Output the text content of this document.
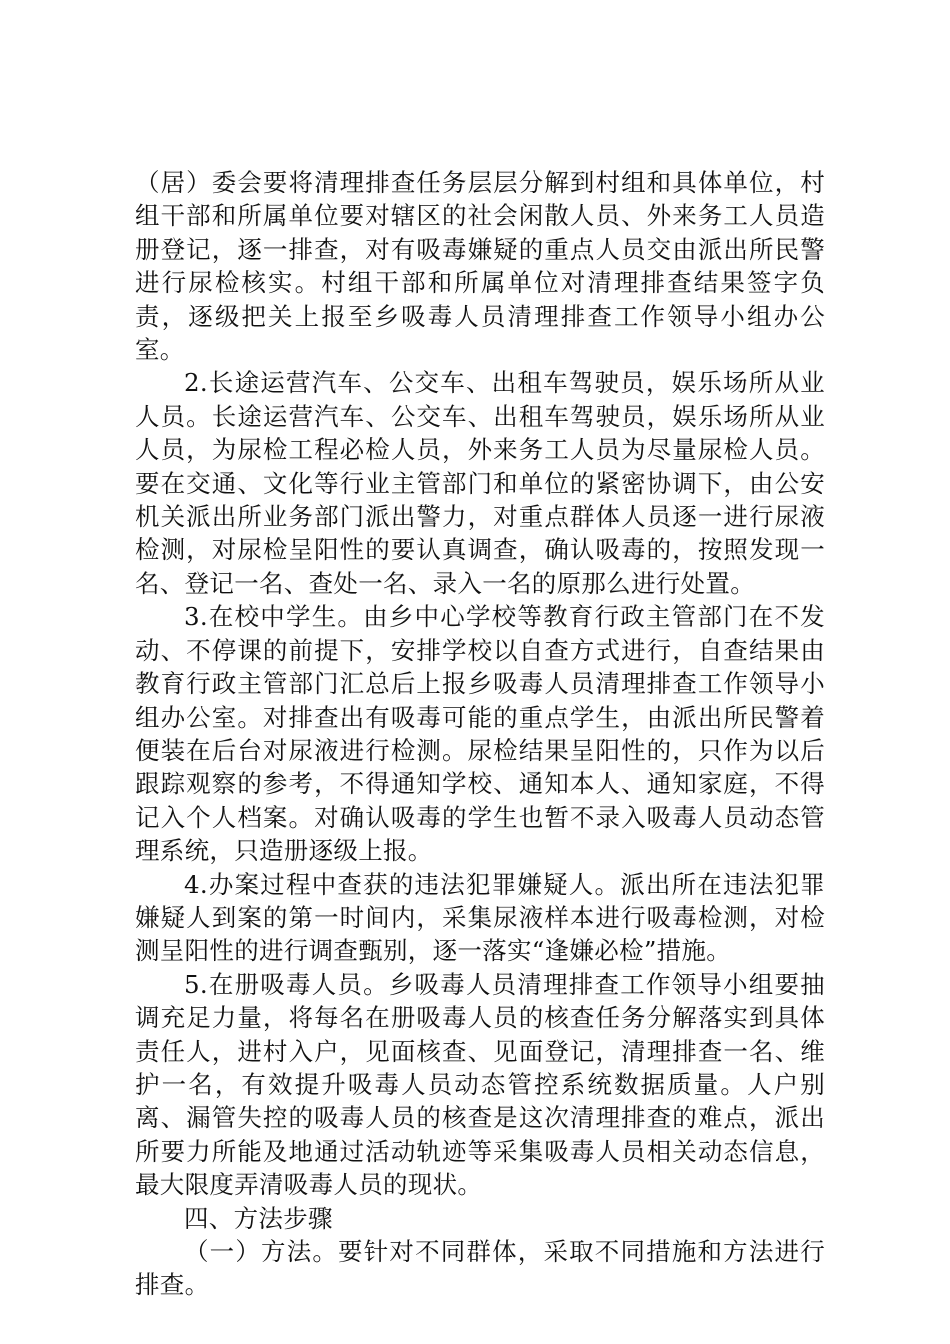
（居）委会要将清理排查任务层层分解到村组和具体单位，村组干部和所属单位要对辖区的社会闲散人员、外来务工人员造册登记，逐一排查，对有吸毒嫌疑的重点人员交由派出所民警进行尿检核实。村组干部和所属单位对清理排查结果签字负责，逐级把关上报至乡吸毒人员清理排查工作领导小组办公室。

2.长途运营汽车、公交车、出租车驾驶员，娱乐场所从业人员。长途运营汽车、公交车、出租车驾驶员，娱乐场所从业人员，为尿检工程必检人员，外来务工人员为尽量尿检人员。要在交通、文化等行业主管部门和单位的紧密协调下，由公安机关派出所业务部门派出警力，对重点群体人员逐一进行尿液检测，对尿检呈阳性的要认真调查，确认吸毒的，按照发现一名、登记一名、查处一名、录入一名的原那么进行处置。

3.在校中学生。由乡中心学校等教育行政主管部门在不发动、不停课的前提下，安排学校以自查方式进行，自查结果由教育行政主管部门汇总后上报乡吸毒人员清理排查工作领导小组办公室。对排查出有吸毒可能的重点学生，由派出所民警着便装在后台对尿液进行检测。尿检结果呈阳性的，只作为以后跟踪观察的参考，不得通知学校、通知本人、通知家庭，不得记入个人档案。对确认吸毒的学生也暂不录入吸毒人员动态管理系统，只造册逐级上报。

4.办案过程中查获的违法犯罪嫌疑人。派出所在违法犯罪嫌疑人到案的第一时间内，采集尿液样本进行吸毒检测，对检测呈阳性的进行调查甄别，逐一落实“逢嫌必检”措施。

5.在册吸毒人员。乡吸毒人员清理排查工作领导小组要抽调充足力量，将每名在册吸毒人员的核查任务分解落实到具体责任人，进村入户，见面核查、见面登记，清理排查一名、维护一名，有效提升吸毒人员动态管控系统数据质量。人户别离、漏管失控的吸毒人员的核查是这次清理排查的难点，派出所要力所能及地通过活动轨迹等采集吸毒人员相关动态信息，最大限度弄清吸毒人员的现状。

四、方法步骤

（一）方法。要针对不同群体，采取不同措施和方法进行排查。
